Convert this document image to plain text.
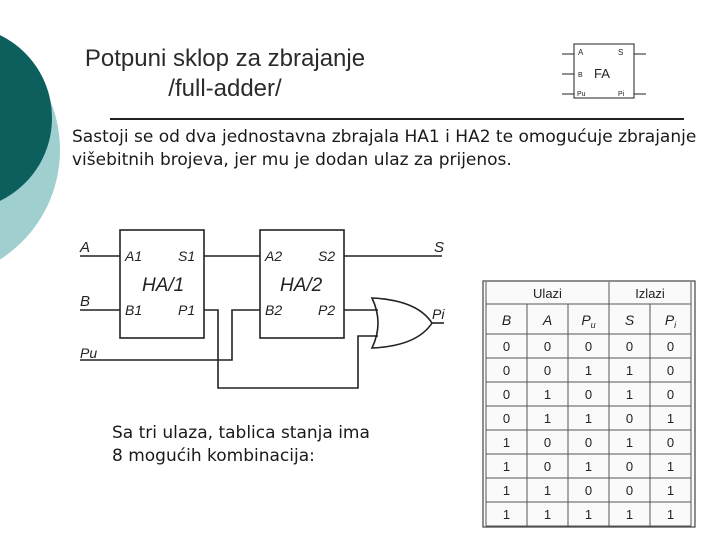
Potpuni sklop za zbrajanje
/full-adder/
A
B
Pu
S
Pi
FA
Sastoji se od dva jednostavna zbrajala HA1 i HA2 te omogućuje zbrajanje višebitnih brojeva, jer mu je dodan ulaz za prijenos.
A
B
Pu
S
Pi
A1	S1
B1	P1
HA/1
A2	S2
B2	P2
HA/2
Sa tri ulaza, tablica stanja ima
8 mogućih kombinacija:
Ulazi	Izlazi
B A $P_u$ S $P_i$
0	0	0	0	0
0	0	1	1	0
0	1	0	1	0
0	1	1	0	1
1	0	0	1	0
1	0	1	0	1
1	1	0	0	1
1	1	1	1	1
